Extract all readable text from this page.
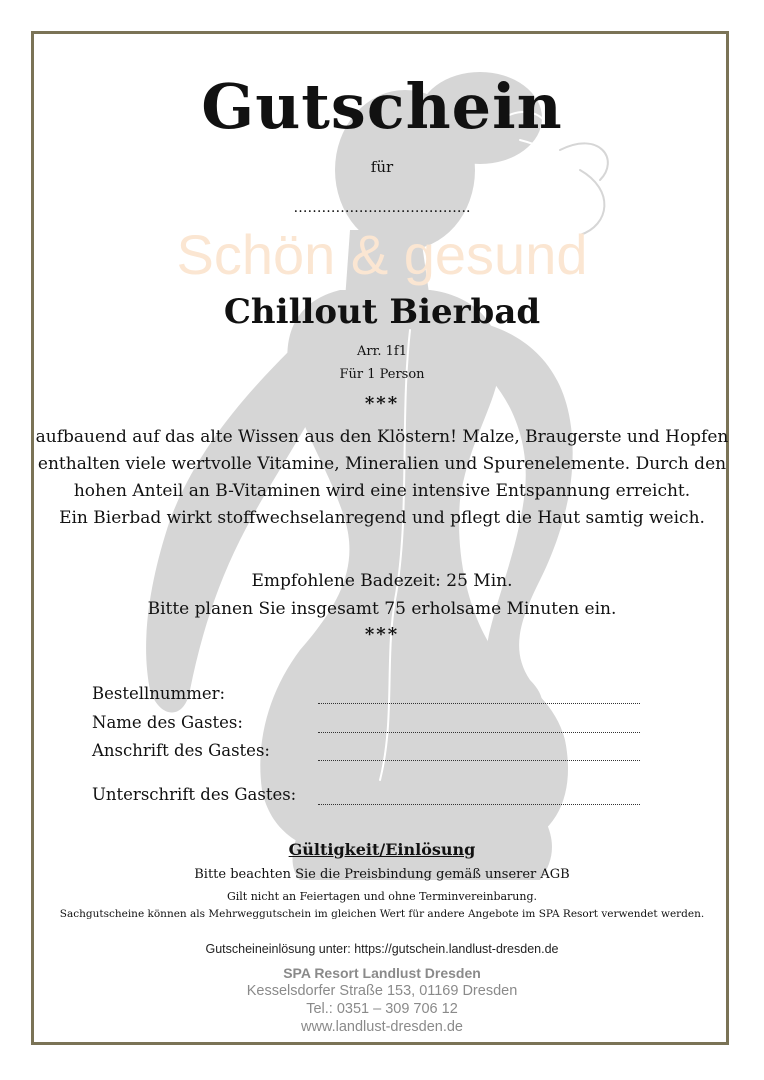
Gutschein
für
………………………………..
Schön & gesund
Chillout Bierbad
Arr. 1f1
Für 1 Person
***
aufbauend auf das alte Wissen aus den Klöstern! Malze, Braugerste und Hopfen
enthalten viele wertvolle Vitamine, Mineralien und Spurenelemente. Durch den
hohen Anteil an B-Vitaminen wird eine intensive Entspannung erreicht.
Ein Bierbad wirkt stoffwechselanregend und pflegt die Haut samtig weich.
Empfohlene Badezeit: 25 Min.
Bitte planen Sie insgesamt 75 erholsame Minuten ein.
***
Bestellnummer:
Name des Gastes:
Anschrift des Gastes:
Unterschrift des Gastes:
Gültigkeit/Einlösung
Bitte beachten Sie die Preisbindung gemäß unserer AGB
Gilt nicht an Feiertagen und ohne Terminvereinbarung.
Sachgutscheine können als Mehrweggutschein im gleichen Wert für andere Angebote im SPA Resort verwendet werden.
Gutscheineinlösung unter: https://gutschein.landlust-dresden.de
SPA Resort Landlust Dresden
Kesselsdorfer Straße 153, 01169 Dresden
Tel.: 0351 – 309 706 12
www.landlust-dresden.de
